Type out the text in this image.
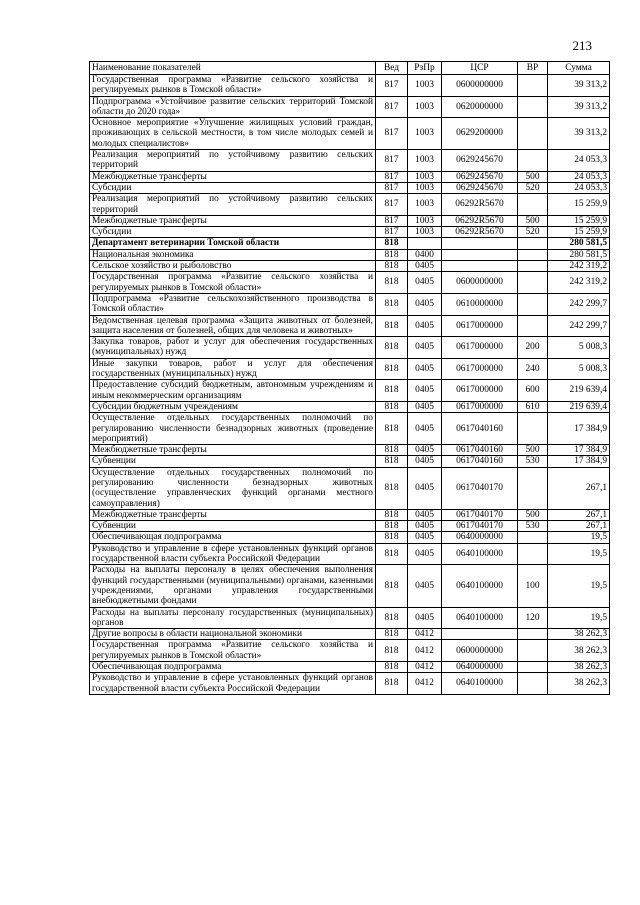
213
Наименование показателей	Вед	РзПр	ЦСР	ВР	Сумма
Государственная программа «Развитие сельского хозяйства и регулируемых рынков в Томской области»	817	1003	0600000000		39 313,2
Подпрограмма «Устойчивое развитие сельских территорий Томской области до 2020 года»	817	1003	0620000000		39 313,2
Основное мероприятие «Улучшение жилищных условий граждан, проживающих в сельской местности, в том числе молодых семей и молодых специалистов»	817	1003	0629200000		39 313,2
Реализация мероприятий по устойчивому развитию сельских территорий	817	1003	0629245670		24 053,3
Межбюджетные трансферты	817	1003	0629245670	500	24 053,3
Субсидии	817	1003	0629245670	520	24 053,3
Реализация мероприятий по устойчивому развитию сельских территорий	817	1003	06292R5670		15 259,9
Межбюджетные трансферты	817	1003	06292R5670	500	15 259,9
Субсидии	817	1003	06292R5670	520	15 259,9
Департамент ветеринарии Томской области	818				280 581,5
Национальная экономика	818	0400			280 581,5
Сельское хозяйство и рыболовство	818	0405			242 319,2
Государственная программа «Развитие сельского хозяйства и регулируемых рынков в Томской области»	818	0405	0600000000		242 319,2
Подпрограмма «Развитие сельскохозяйственного производства в Томской области»	818	0405	0610000000		242 299,7
Ведомственная целевая программа «Защита животных от болезней, защита населения от болезней, общих для человека и животных»	818	0405	0617000000		242 299,7
Закупка товаров, работ и услуг для обеспечения государственных (муниципальных) нужд	818	0405	0617000000	200	5 008,3
Иные закупки товаров, работ и услуг для обеспечения государственных (муниципальных) нужд	818	0405	0617000000	240	5 008,3
Предоставление субсидий бюджетным, автономным учреждениям и иным некоммерческим организациям	818	0405	0617000000	600	219 639,4
Субсидии бюджетным учреждениям	818	0405	0617000000	610	219 639,4
Осуществление отдельных государственных полномочий по регулированию численности безнадзорных животных (проведение мероприятий)	818	0405	0617040160		17 384,9
Межбюджетные трансферты	818	0405	0617040160	500	17 384,9
Субвенции	818	0405	0617040160	530	17 384,9
Осуществление отдельных государственных полномочий по регулированию численности безнадзорных животных (осуществление управленческих функций органами местного самоуправления)	818	0405	0617040170		267,1
Межбюджетные трансферты	818	0405	0617040170	500	267,1
Субвенции	818	0405	0617040170	530	267,1
Обеспечивающая подпрограмма	818	0405	0640000000		19,5
Руководство и управление в сфере установленных функций органов государственной власти субъекта Российской Федерации	818	0405	0640100000		19,5
Расходы на выплаты персоналу в целях обеспечения выполнения функций государственными (муниципальными) органами, казенными учреждениями, органами управления государственными внебюджетными фондами	818	0405	0640100000	100	19,5
Расходы на выплаты персоналу государственных (муниципальных) органов	818	0405	0640100000	120	19,5
Другие вопросы в области национальной экономики	818	0412			38 262,3
Государственная программа «Развитие сельского хозяйства и регулируемых рынков в Томской области»	818	0412	0600000000		38 262,3
Обеспечивающая подпрограмма	818	0412	0640000000		38 262,3
Руководство и управление в сфере установленных функций органов государственной власти субъекта Российской Федерации	818	0412	0640100000		38 262,3
